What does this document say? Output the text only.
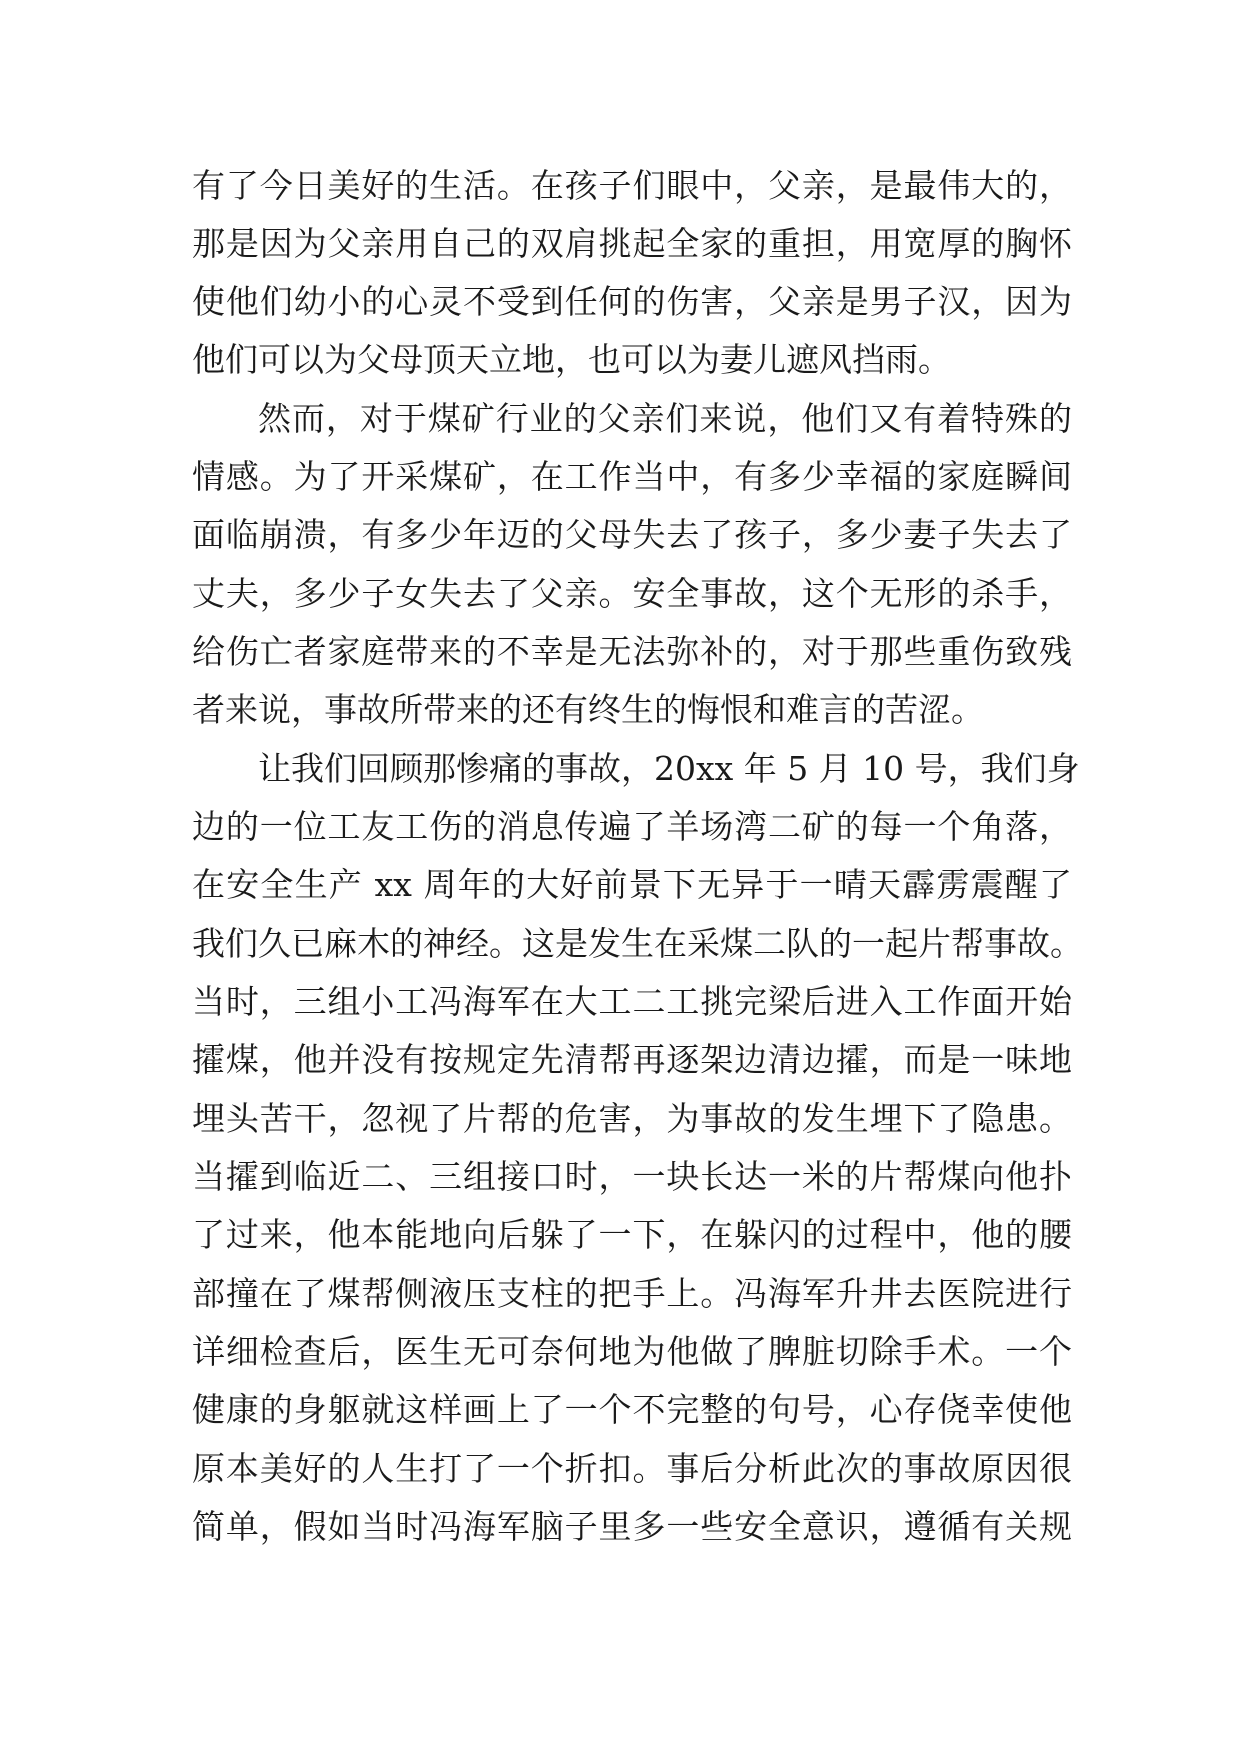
有了今日美好的生活。在孩子们眼中，父亲，是最伟大的，
那是因为父亲用自己的双肩挑起全家的重担，用宽厚的胸怀
使他们幼小的心灵不受到任何的伤害，父亲是男子汉，因为
他们可以为父母顶天立地，也可以为妻儿遮风挡雨。
然而，对于煤矿行业的父亲们来说，他们又有着特殊的
情感。为了开采煤矿，在工作当中，有多少幸福的家庭瞬间
面临崩溃，有多少年迈的父母失去了孩子，多少妻子失去了
丈夫，多少子女失去了父亲。安全事故，这个无形的杀手，
给伤亡者家庭带来的不幸是无法弥补的，对于那些重伤致残
者来说，事故所带来的还有终生的悔恨和难言的苦涩。
让我们回顾那惨痛的事故，20xx 年 5 月 10 号，我们身
边的一位工友工伤的消息传遍了羊场湾二矿的每一个角落，
在安全生产 xx 周年的大好前景下无异于一晴天霹雳震醒了
我们久已麻木的神经。这是发生在采煤二队的一起片帮事故。
当时，三组小工冯海军在大工二工挑完梁后进入工作面开始
攉煤，他并没有按规定先清帮再逐架边清边攉，而是一味地
埋头苦干，忽视了片帮的危害，为事故的发生埋下了隐患。
当攉到临近二、三组接口时，一块长达一米的片帮煤向他扑
了过来，他本能地向后躲了一下，在躲闪的过程中，他的腰
部撞在了煤帮侧液压支柱的把手上。冯海军升井去医院进行
详细检查后，医生无可奈何地为他做了脾脏切除手术。一个
健康的身躯就这样画上了一个不完整的句号，心存侥幸使他
原本美好的人生打了一个折扣。事后分析此次的事故原因很
简单，假如当时冯海军脑子里多一些安全意识，遵循有关规
